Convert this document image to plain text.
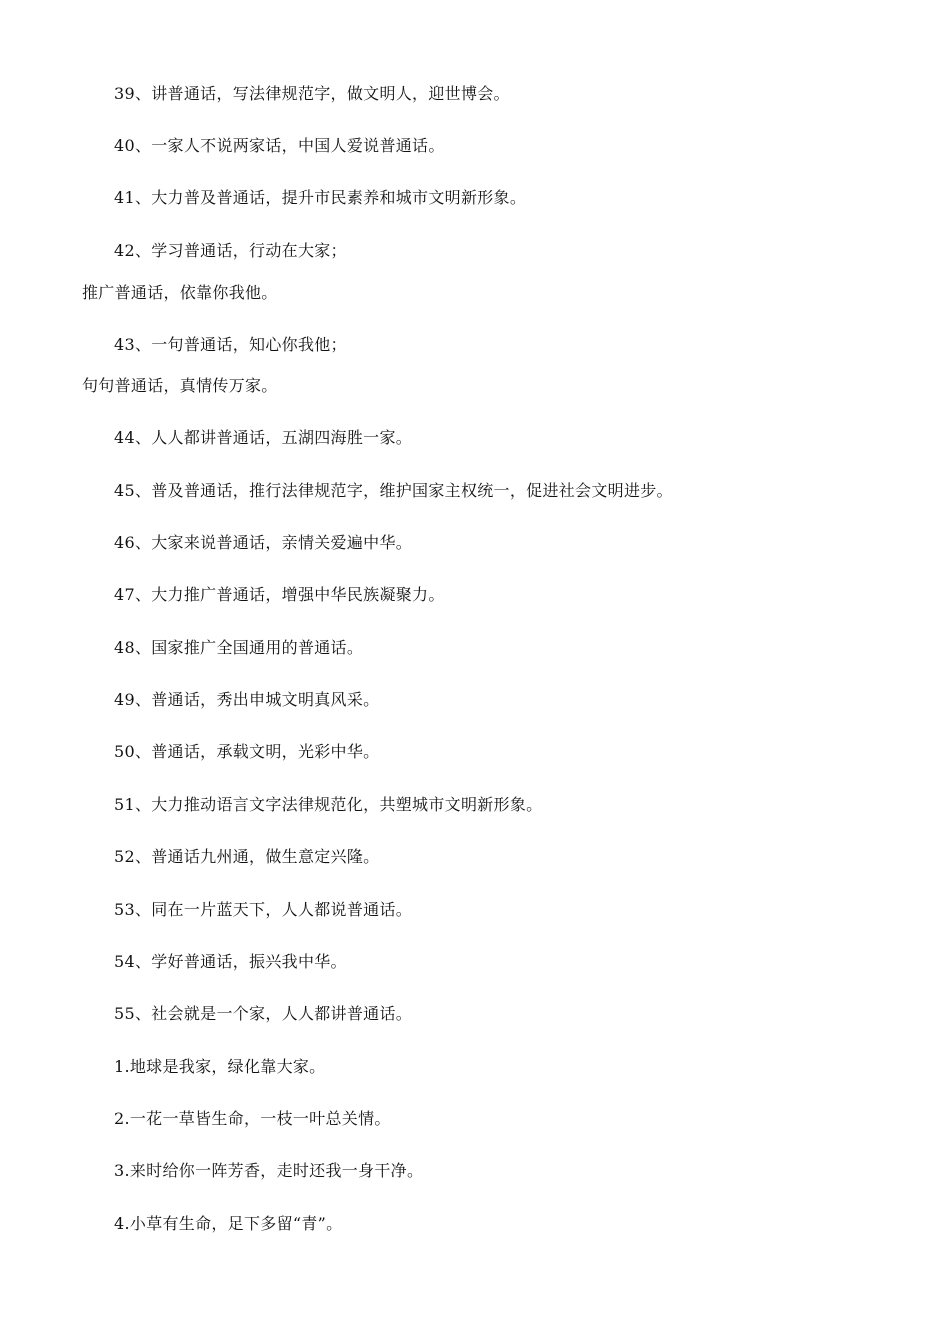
39、讲普通话，写法律规范字，做文明人，迎世博会。
40、一家人不说两家话，中国人爱说普通话。
41、大力普及普通话，提升市民素养和城市文明新形象。
42、学习普通话，行动在大家；
推广普通话，依靠你我他。
43、一句普通话，知心你我他；
句句普通话，真情传万家。
44、人人都讲普通话，五湖四海胜一家。
45、普及普通话，推行法律规范字，维护国家主权统一，促进社会文明进步。
46、大家来说普通话，亲情关爱遍中华。
47、大力推广普通话，增强中华民族凝聚力。
48、国家推广全国通用的普通话。
49、普通话，秀出申城文明真风采。
50、普通话，承载文明，光彩中华。
51、大力推动语言文字法律规范化，共塑城市文明新形象。
52、普通话九州通，做生意定兴隆。
53、同在一片蓝天下，人人都说普通话。
54、学好普通话，振兴我中华。
55、社会就是一个家，人人都讲普通话。
1.地球是我家，绿化靠大家。
2.一花一草皆生命，一枝一叶总关情。
3.来时给你一阵芳香，走时还我一身干净。
4.小草有生命，足下多留“青”。
